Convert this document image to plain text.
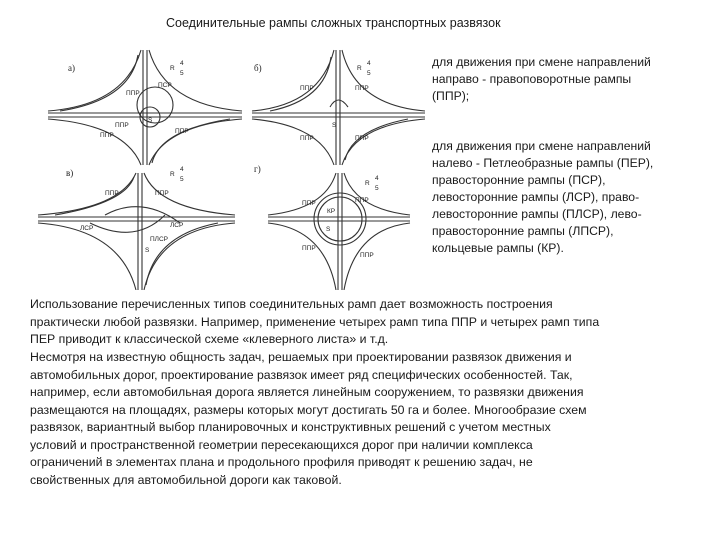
Соединительные рампы сложных транспортных развязок
а)	б)
в)	г)
R
4
5
R
4
5
R
4
5
R
4
5
ППР
ПСР
ППР
ППР
S
ППР
ППР	ППР
ППР	ППР
S
ППР	ППР
ПЛСР
ЛСР
S
ЛСР
ППР	ППР
КР
ППР
ППР
S
для движения при смене направлений
направо - правоповоротные рампы
(ППР);
для движения при смене направлений
налево - Петлеобразные рампы (ПЕР),
правосторонние рампы (ПСР),
левосторонние рампы (ЛСР), право-
левосторонние рампы (ПЛСР), лево-
правосторонние рампы (ЛПСР),
кольцевые рампы (КР).
Использование перечисленных типов соединительных рамп дает возможность построения
практически любой развязки. Например, применение четырех рамп типа ППР и четырех рамп типа
ПЕР приводит к классической схеме «клеверного листа» и т.д.
Несмотря на известную общность задач, решаемых при проектировании развязок движения и
автомобильных дорог, проектирование развязок имеет ряд специфических особенностей. Так,
например, если автомобильная дорога является линейным сооружением, то развязки движения
размещаются на площадях, размеры которых могут достигать 50 га и более. Многообразие схем
развязок, вариантный выбор планировочных и конструктивных решений с учетом местных
условий и пространственной геометрии пересекающихся дорог при наличии комплекса
ограничений в элементах плана и продольного профиля приводят к решению задач, не
свойственных для автомобильной дороги как таковой.
